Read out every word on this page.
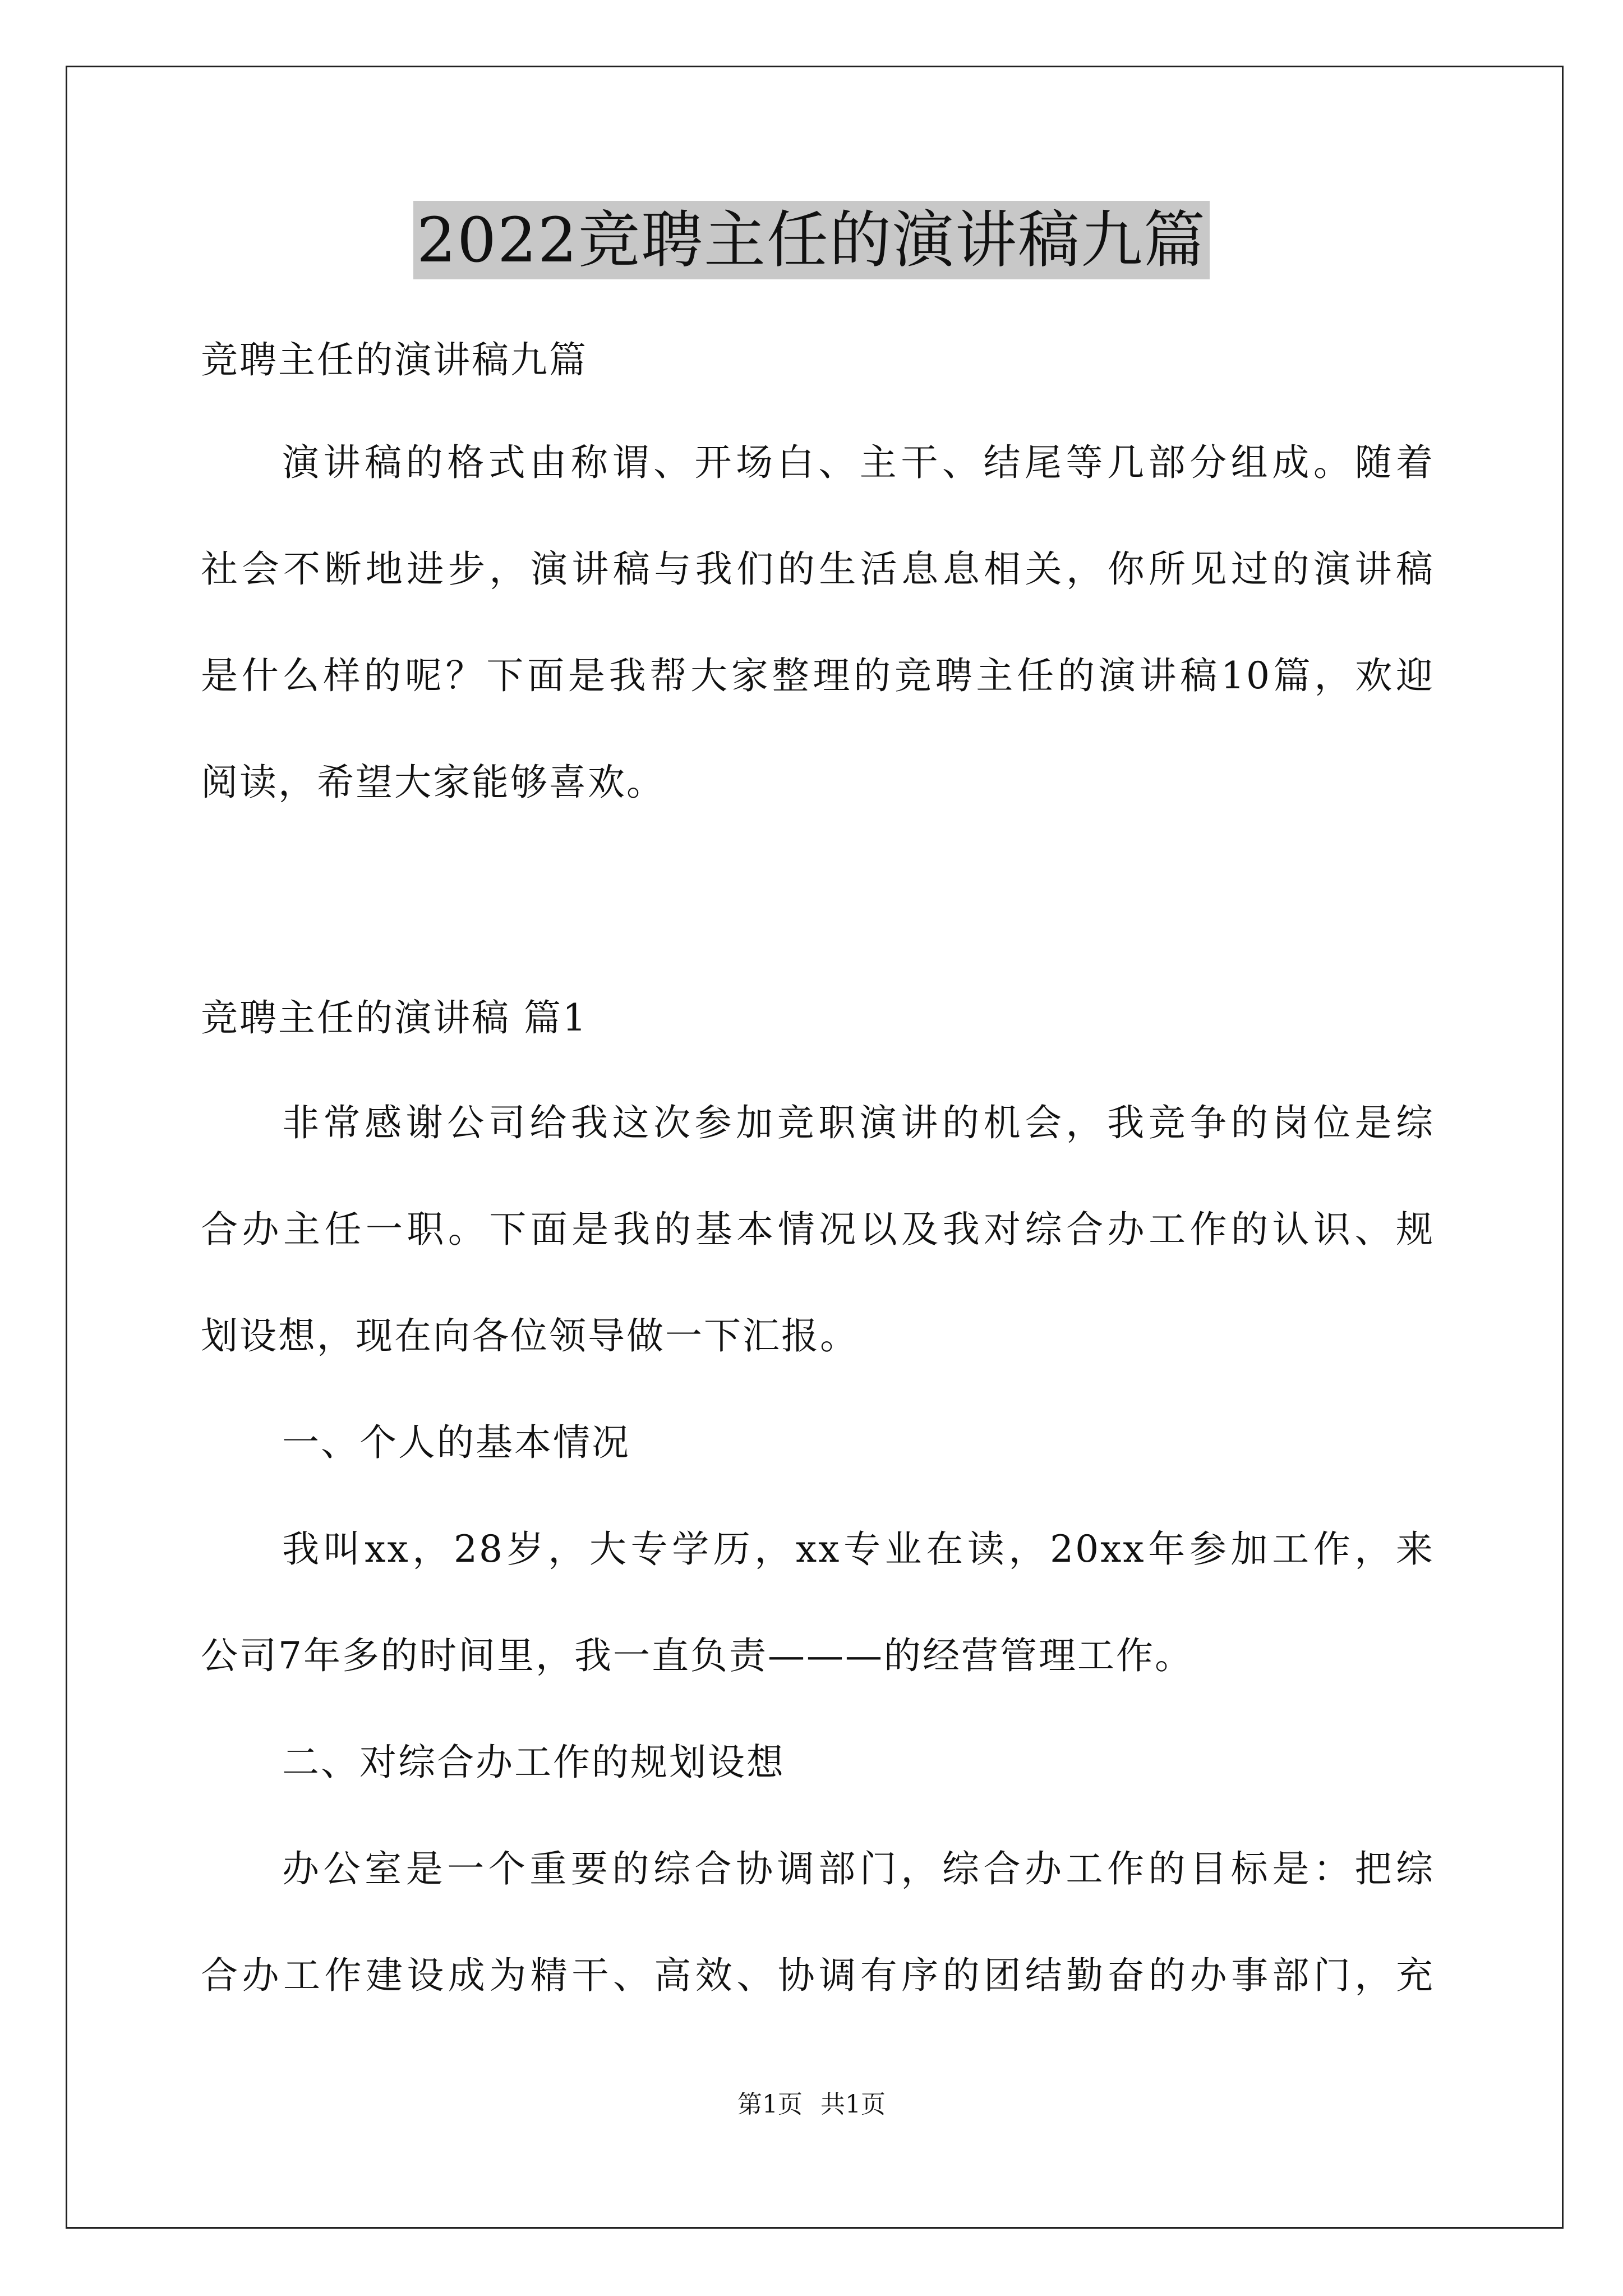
2022竞聘主任的演讲稿九篇
竞聘主任的演讲稿九篇
演讲稿的格式由称谓、开场白、主干、结尾等几部分组成。随着
社会不断地进步，演讲稿与我们的生活息息相关，你所见过的演讲稿
是什么样的呢？下面是我帮大家整理的竞聘主任的演讲稿10篇，欢迎
阅读，希望大家能够喜欢。
竞聘主任的演讲稿 篇1
非常感谢公司给我这次参加竞职演讲的机会，我竞争的岗位是综
合办主任一职。下面是我的基本情况以及我对综合办工作的认识、规
划设想，现在向各位领导做一下汇报。
一、个人的基本情况
我叫xx，28岁，大专学历，xx专业在读，20xx年参加工作，来
公司7年多的时间里，我一直负责———的经营管理工作。
二、对综合办工作的规划设想
办公室是一个重要的综合协调部门，综合办工作的目标是：把综
合办工作建设成为精干、高效、协调有序的团结勤奋的办事部门，充
第1页 共1页
